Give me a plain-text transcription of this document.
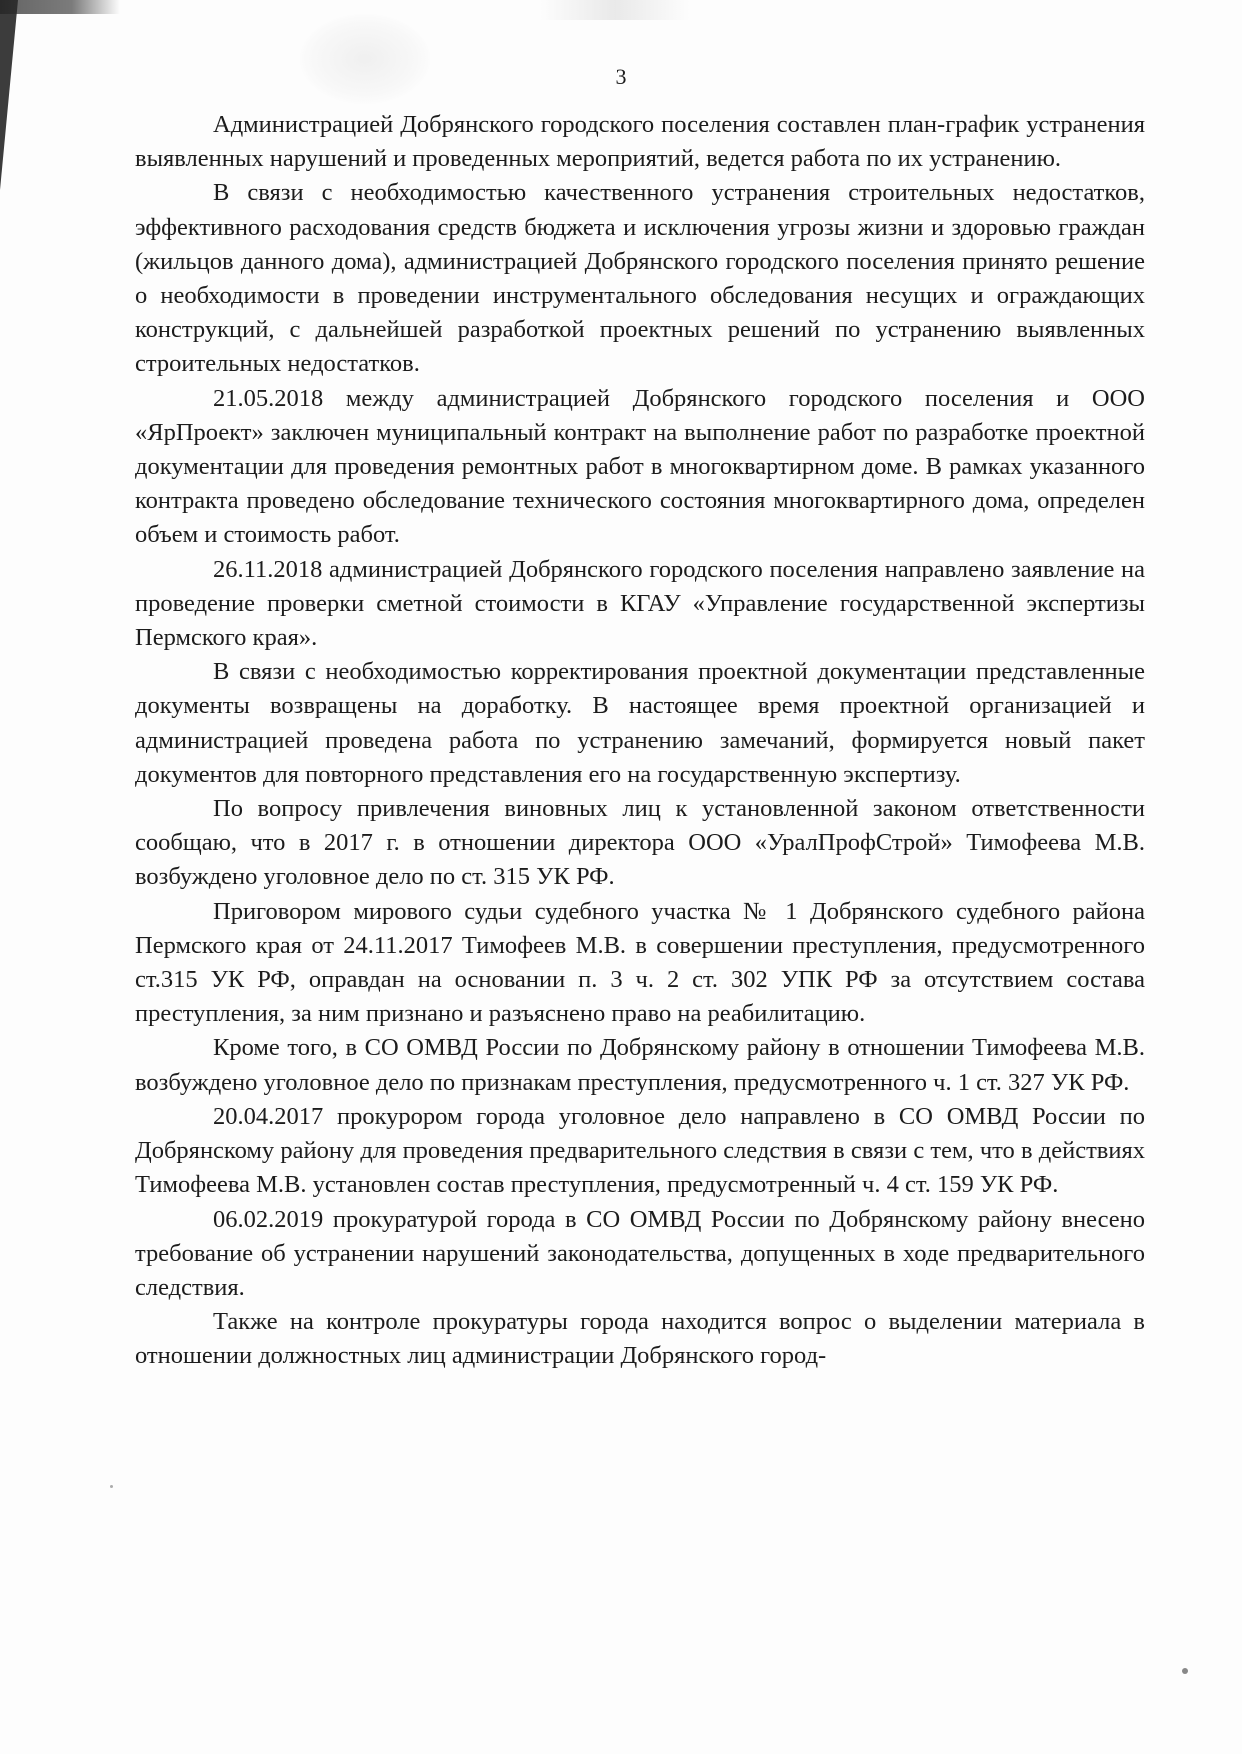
3

Администрацией Добрянского городского поселения составлен план-график устранения выявленных нарушений и проведенных мероприятий, ведется работа по их устранению.

В связи с необходимостью качественного устранения строительных недостатков, эффективного расходования средств бюджета и исключения угрозы жизни и здоровью граждан (жильцов данного дома), администрацией Добрянского городского поселения принято решение о необходимости в проведении инструментального обследования несущих и ограждающих конструкций, с дальнейшей разработкой проектных решений по устранению выявленных строительных недостатков.

21.05.2018 между администрацией Добрянского городского поселения и ООО «ЯрПроект» заключен муниципальный контракт на выполнение работ по разработке проектной документации для проведения ремонтных работ в многоквартирном доме. В рамках указанного контракта проведено обследование технического состояния многоквартирного дома, определен объем и стоимость работ.

26.11.2018 администрацией Добрянского городского поселения направлено заявление на проведение проверки сметной стоимости в КГАУ «Управление государственной экспертизы Пермского края».

В связи с необходимостью корректирования проектной документации представленные документы возвращены на доработку. В настоящее время проектной организацией и администрацией проведена работа по устранению замечаний, формируется новый пакет документов для повторного представления его на государственную экспертизу.

По вопросу привлечения виновных лиц к установленной законом ответственности сообщаю, что в 2017 г. в отношении директора ООО «УралПрофСтрой» Тимофеева М.В. возбуждено уголовное дело по ст. 315 УК РФ.

Приговором мирового судьи судебного участка № 1 Добрянского судебного района Пермского края от 24.11.2017 Тимофеев М.В. в совершении преступления, предусмотренного ст.315 УК РФ, оправдан на основании п. 3 ч. 2 ст. 302 УПК РФ за отсутствием состава преступления, за ним признано и разъяснено право на реабилитацию.

Кроме того, в СО ОМВД России по Добрянскому району в отношении Тимофеева М.В. возбуждено уголовное дело по признакам преступления, предусмотренного ч. 1 ст. 327 УК РФ.

20.04.2017 прокурором города уголовное дело направлено в СО ОМВД России по Добрянскому району для проведения предварительного следствия в связи с тем, что в действиях Тимофеева М.В. установлен состав преступления, предусмотренный ч. 4 ст. 159 УК РФ.

06.02.2019 прокуратурой города в СО ОМВД России по Добрянскому району внесено требование об устранении нарушений законодательства, допущенных в ходе предварительного следствия.

Также на контроле прокуратуры города находится вопрос о выделении материала в отношении должностных лиц администрации Добрянского город-
